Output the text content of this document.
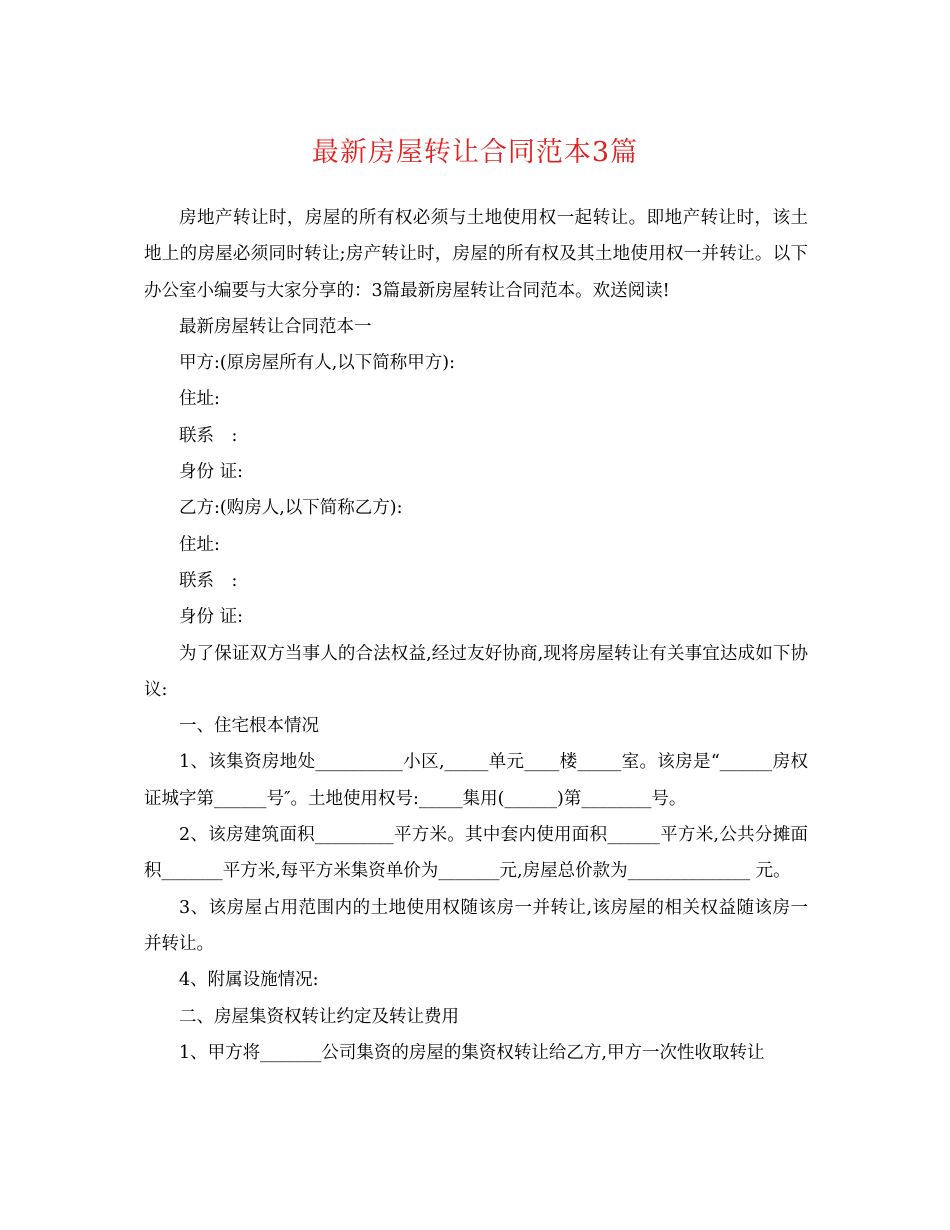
最新房屋转让合同范本3篇

房地产转让时，房屋的所有权必须与土地使用权一起转让。即地产转让时，该土地上的房屋必须同时转让;房产转让时，房屋的所有权及其土地使用权一并转让。以下办公室小编要与大家分享的：3篇最新房屋转让合同范本。欢送阅读!

最新房屋转让合同范本一

甲方:(原房屋所有人,以下简称甲方):

住址:

联系　:

身份 证:

乙方:(购房人,以下简称乙方):

住址:

联系　:

身份 证:

为了保证双方当事人的合法权益,经过友好协商,现将房屋转让有关事宜达成如下协议:

一、住宅根本情况

1、该集资房地处__________小区,_____单元____楼_____室。该房是“______房权证城字第______号″。土地使用权号:_____集用(______)第________号。

2、该房建筑面积_________平方米。其中套内使用面积______平方米,公共分摊面积_______平方米,每平方米集资单价为_______元,房屋总价款为______________ 元。

3、该房屋占用范围内的土地使用权随该房一并转让,该房屋的相关权益随该房一并转让。

4、附属设施情况:

二、房屋集资权转让约定及转让费用

1、甲方将_______公司集资的房屋的集资权转让给乙方,甲方一次性收取转让
